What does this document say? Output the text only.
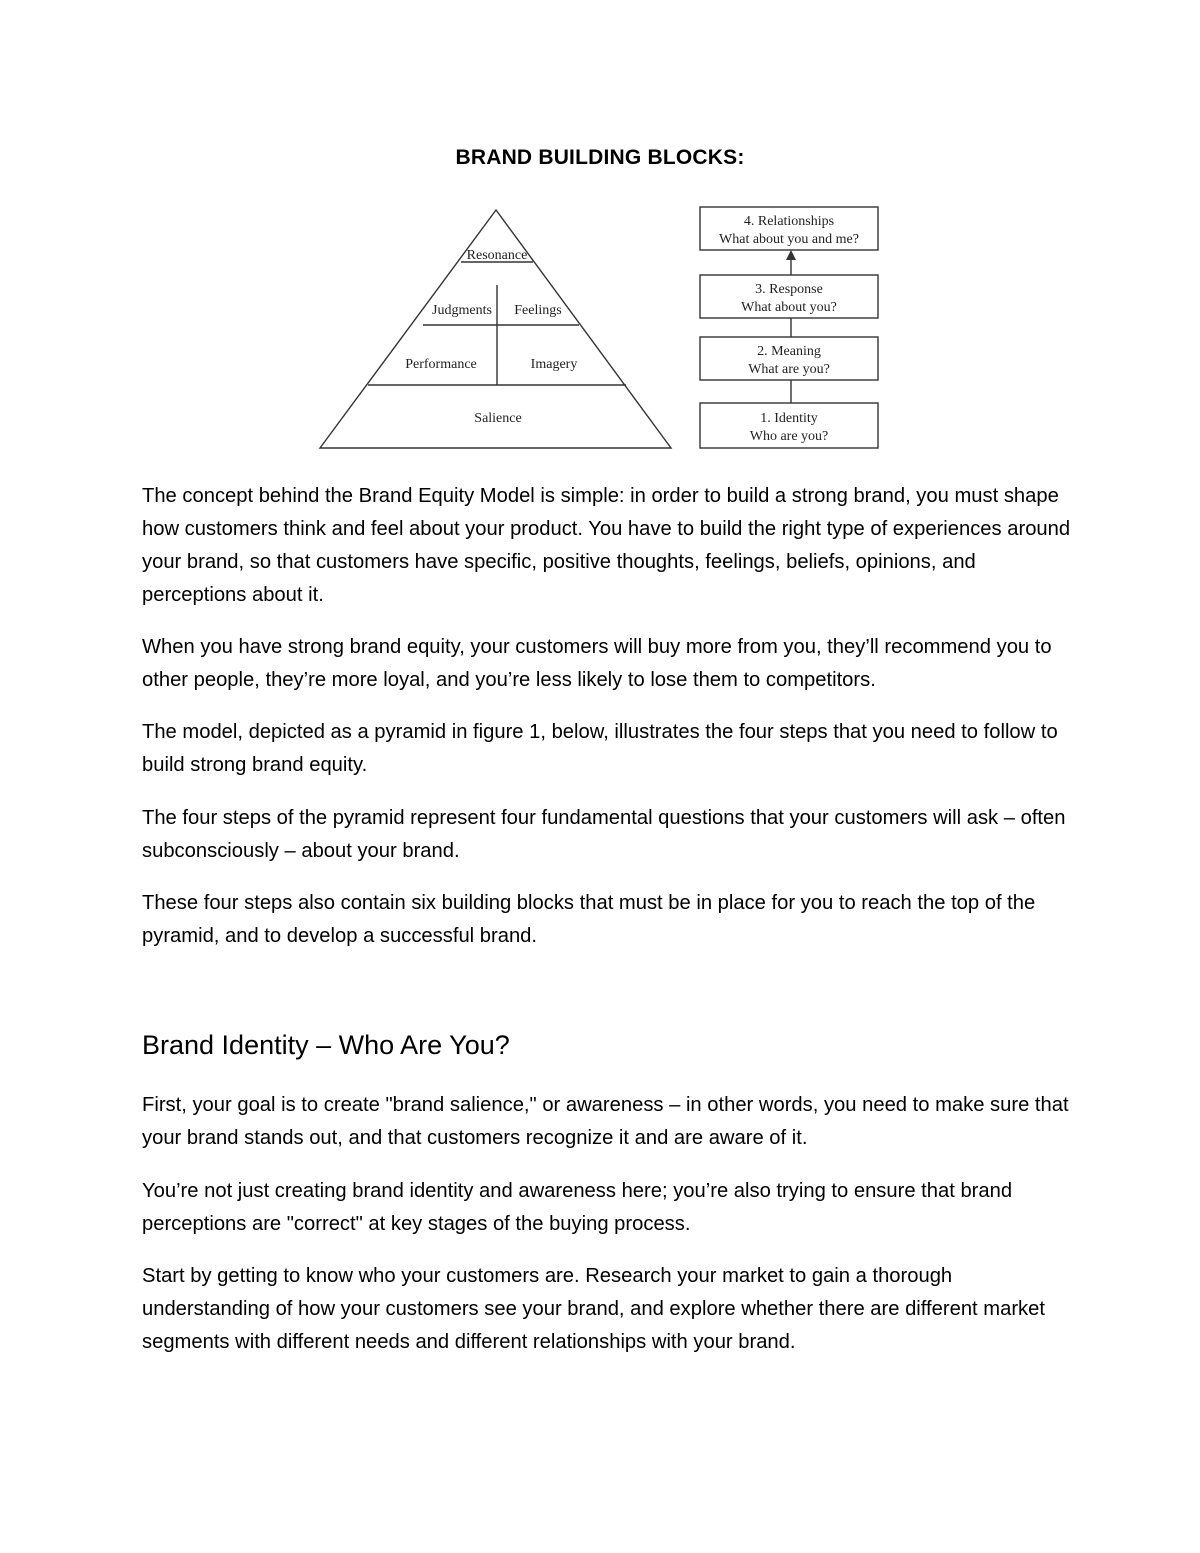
BRAND BUILDING BLOCKS:
Resonance
Judgments Feelings
Performance	Imagery
Salience
4. Relationships
What about you and me?
3. Response
What about you?
2. Meaning
What are you?
1. Identity
Who are you?

The concept behind the Brand Equity Model is simple: in order to build a strong brand, you must shape how customers think and feel about your product. You have to build the right type of experiences around your brand, so that customers have specific, positive thoughts, feelings, beliefs, opinions, and perceptions about it.

When you have strong brand equity, your customers will buy more from you, they’ll recommend you to other people, they’re more loyal, and you’re less likely to lose them to competitors.

The model, depicted as a pyramid in figure 1, below, illustrates the four steps that you need to follow to build strong brand equity.

The four steps of the pyramid represent four fundamental questions that your customers will ask – often subconsciously – about your brand.

These four steps also contain six building blocks that must be in place for you to reach the top of the pyramid, and to develop a successful brand.

Brand Identity – Who Are You?

First, your goal is to create "brand salience," or awareness – in other words, you need to make sure that your brand stands out, and that customers recognize it and are aware of it.

You’re not just creating brand identity and awareness here; you’re also trying to ensure that brand perceptions are "correct" at key stages of the buying process.

Start by getting to know who your customers are. Research your market to gain a thorough understanding of how your customers see your brand, and explore whether there are different market segments with different needs and different relationships with your brand.
